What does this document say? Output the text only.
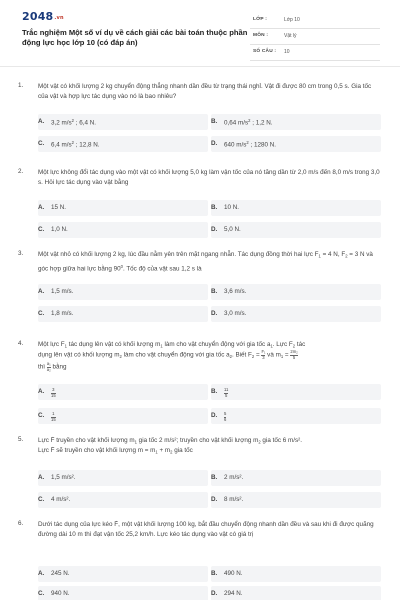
2048.vn
Trắc nghiệm Một số ví dụ về cách giải các bài toán thuộc phần động lực học lớp 10 (có đáp án)
LỚP :	Lớp 10
MÔN :	Vật lý
SỐ CÂU : 10
1. Một vật có khối lượng 2 kg chuyển động thẳng nhanh dần đều từ trạng thái nghỉ. Vật đi được 80 cm trong 0,5 s. Gia tốc của vật và hợp lực tác dụng vào nó là bao nhiêu?
A. 3,2 $m/s^2$ ; 6,4 N.	B. 0,64 $m/s^2$ ; 1,2 N.
C. 6,4 $m/s^2$ ; 12,8 N.	D. 640 $m/s^2$ ; 1280 N.
2. Một lực không đổi tác dụng vào một vật có khối lượng 5,0 kg làm vận tốc của nó tăng dần từ 2,0 m/s đến 8,0 m/s trong 3,0 s. Hỏi lực tác dụng vào vật bằng
A. 15 N.	B. 10 N.
C. 1,0 N.	D. 5,0 N.
3. Một vật nhỏ có khối lượng 2 kg, lúc đầu nằm yên trên mặt ngang nhẵn. Tác dụng đồng thời hai lực $F_1 = 4$ N, $F_2 = 3$ N và góc hợp giữa hai lực bằng $90^0$. Tốc độ của vật sau 1,2 s là
A. 1,5 m/s.	B. 3,6 m/s.
C. 1,8 m/s.	D. 3,0 m/s.
4. Một lực $F_1$ tác dụng lên vật có khối lượng $m_1$ làm cho vật chuyển động với gia tốc $a_1$. Lực $F_2$ tác
dụng lên vật có khối lượng $m_2$ làm cho vật chuyển động với gia tốc $a_2$. Biết $F_2 = \frac{\text{F₁}}{3}$ và $m_1 = \frac{\text{2m₂}}{5}$
thì $\frac{\text{a₁}}{\text{a₂}}$ bằng
A. $\frac{3}{15}$	B. $\frac{11}{5}$
C. $\frac{1}{15}$	D. $\frac{5}{6}$
5. Lực → F truyền cho vật khối lượng $m_1$ gia tốc 2 m/s²; truyền cho vật khối lượng $m_2$ gia tốc 6 m/s².
Lực → F sẽ truyền cho vật khối lượng $m = m_1 + m_2$ gia tốc
A. 1,5 m/s².	B. 2 m/s².
C. 4 m/s².	D. 8 m/s².
6. Dưới tác dụng của lực kéo → F, một vật khối lượng 100 kg, bắt đầu chuyển động nhanh dần đều và sau khi đi được quãng đường dài 10 m thì đạt vận tốc 25,2 km/h. Lực kéo tác dụng vào vật có giá trị
A. 245 N.	B. 490 N.
C. 940 N.	D. 294 N.
